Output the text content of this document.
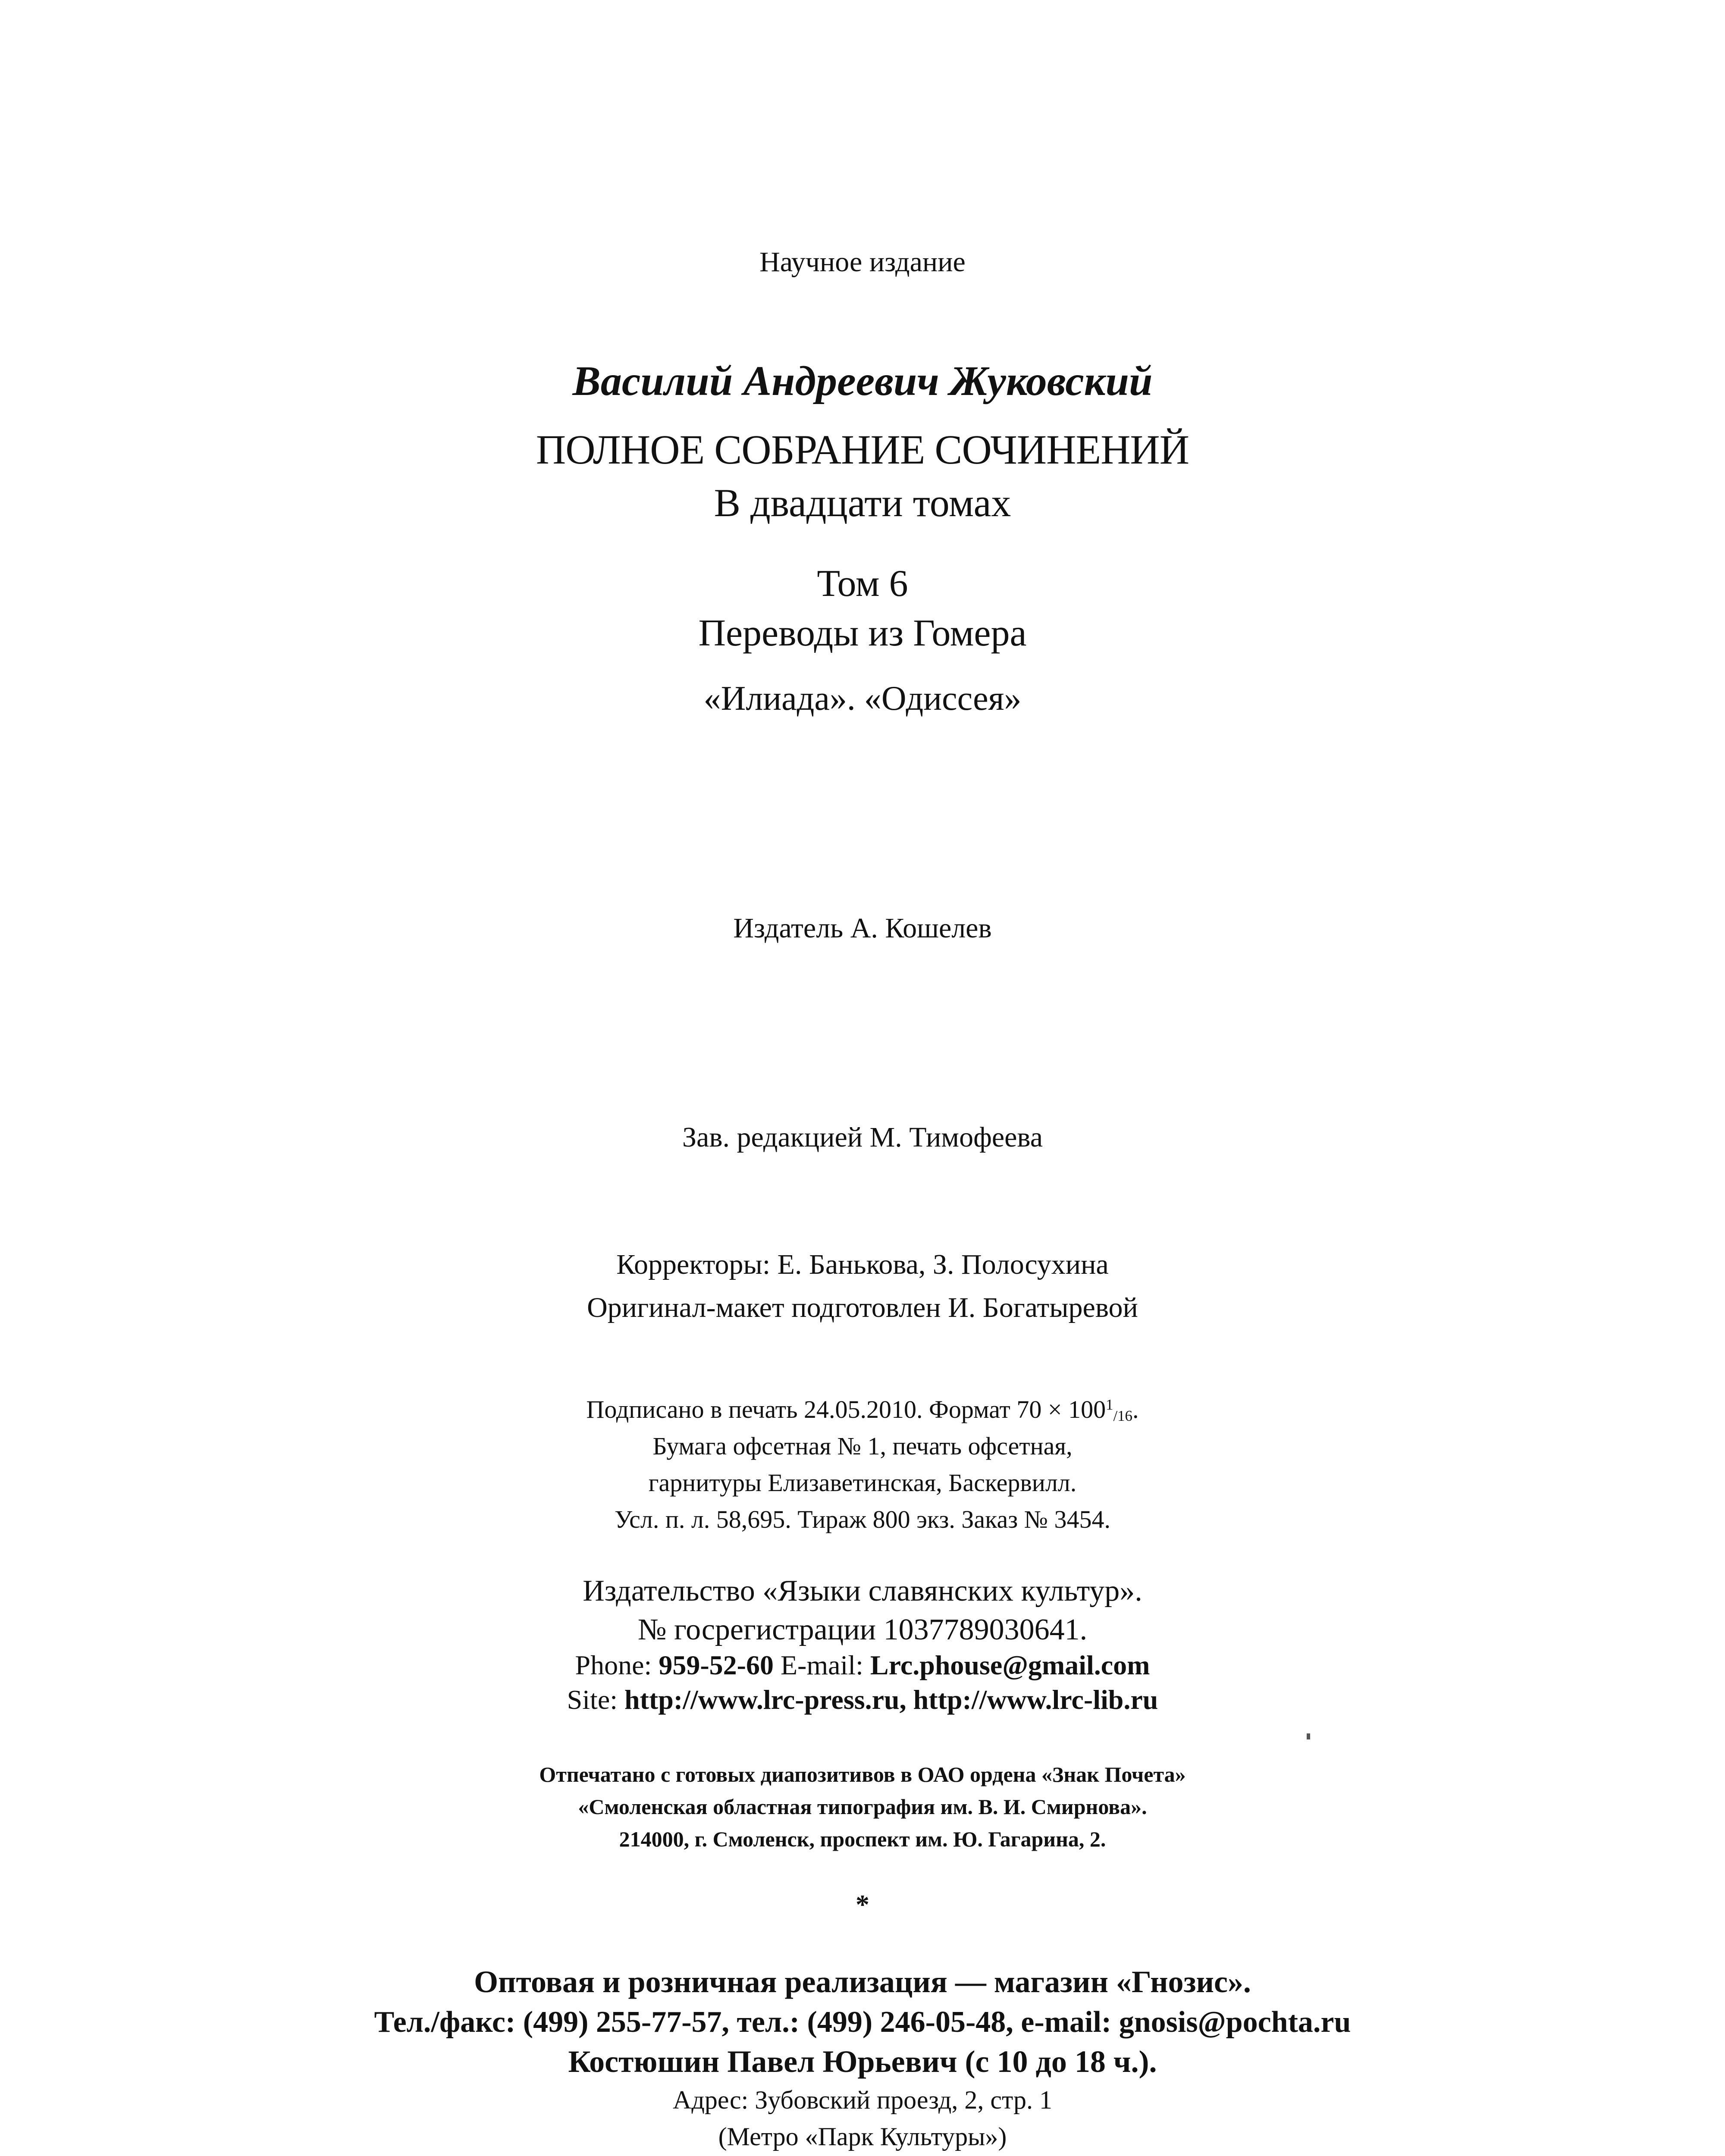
Научное издание
Василий Андреевич Жуковский
ПОЛНОЕ СОБРАНИЕ СОЧИНЕНИЙ
В двадцати томах
Том 6
Переводы из Гомера
«Илиада». «Одиссея»
Издатель А. Кошелев
Зав. редакцией М. Тимофеева
Корректоры: Е. Банькова, З. Полосухина
Оригинал-макет подготовлен И. Богатыревой
Подписано в печать 24.05.2010. Формат $70 \times 100^1/16$.
Бумага офсетная № 1, печать офсетная,
гарнитуры Елизаветинская, Баскервилл.
Усл. п. л. 58,695. Тираж 800 экз. Заказ № 3454.
Издательство «Языки славянских культур».
№ госрегистрации 1037789030641.
Phone: 959-52-60 E-mail: Lrc.phouse@gmail.com
Site: http://www.lrc-press.ru, http://www.lrc-lib.ru
Отпечатано с готовых диапозитивов в ОАО ордена «Знак Почета»
«Смоленская областная типография им. В. И. Смирнова».
214000, г. Смоленск, проспект им. Ю. Гагарина, 2.
*
Оптовая и розничная реализация — магазин «Гнозис».
Тел./факс: (499) 255-77-57, тел.: (499) 246-05-48, e-mail: gnosis@pochta.ru
Костюшин Павел Юрьевич (с 10 до 18 ч.).
Адрес: Зубовский проезд, 2, стр. 1
(Метро «Парк Культуры»)
